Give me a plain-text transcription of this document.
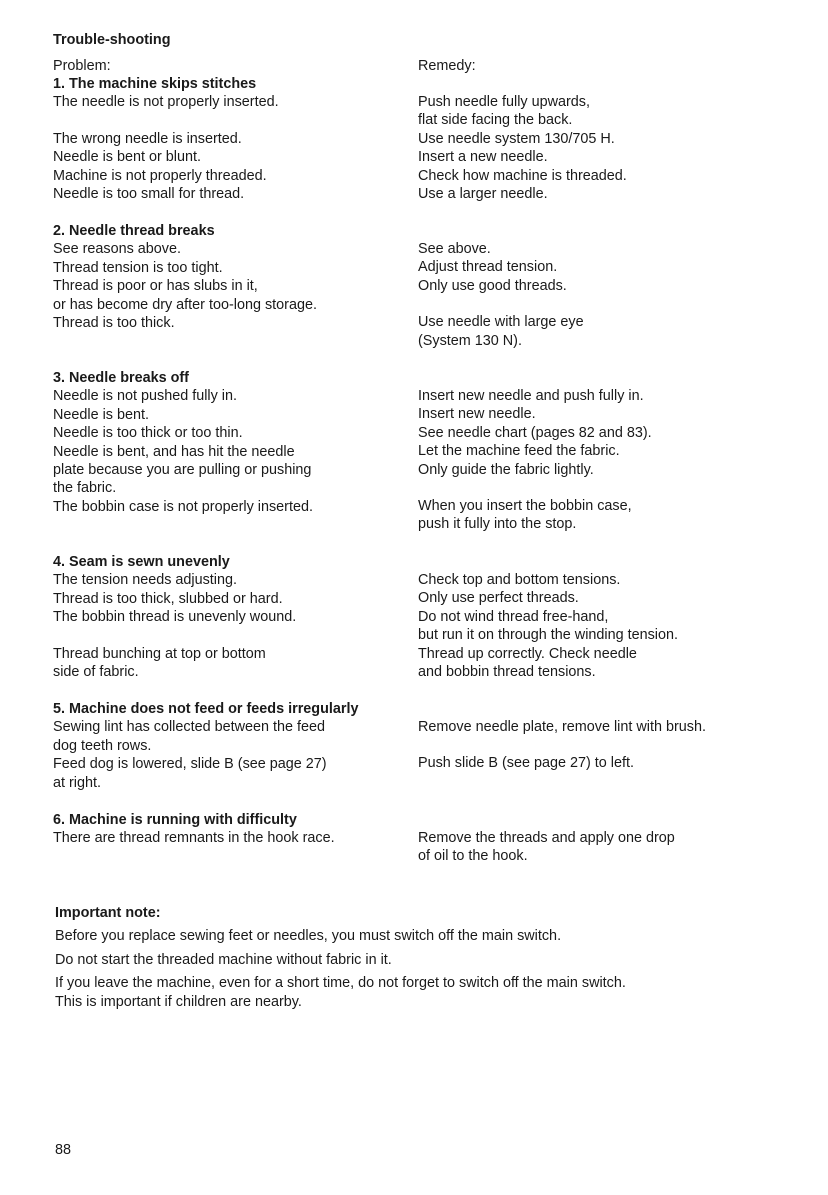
Trouble-shooting
Problem:	Remedy:
1. The machine skips stitches
The needle is not properly inserted.
The wrong needle is inserted.
Needle is bent or blunt.
Machine is not properly threaded.
Needle is too small for thread.
Push needle fully upwards,
flat side facing the back.
Use needle system 130/705 H.
Insert a new needle.
Check how machine is threaded.
Use a larger needle.
2. Needle thread breaks
See reasons above.
Thread tension is too tight.
Thread is poor or has slubs in it,
or has become dry after too-long storage.
Thread is too thick.
See above.
Adjust thread tension.
Only use good threads.
Use needle with large eye
(System 130 N).
3. Needle breaks off
Needle is not pushed fully in.
Needle is bent.
Needle is too thick or too thin.
Needle is bent, and has hit the needle
plate because you are pulling or pushing
the fabric.
The bobbin case is not properly inserted.
Insert new needle and push fully in.
Insert new needle.
See needle chart (pages 82 and 83).
Let the machine feed the fabric.
Only guide the fabric lightly.
When you insert the bobbin case,
push it fully into the stop.
4. Seam is sewn unevenly
The tension needs adjusting.
Thread is too thick, slubbed or hard.
The bobbin thread is unevenly wound.
Thread bunching at top or bottom
side of fabric.
Check top and bottom tensions.
Only use perfect threads.
Do not wind thread free-hand,
but run it on through the winding tension.
Thread up correctly. Check needle
and bobbin thread tensions.
5. Machine does not feed or feeds irregularly
Sewing lint has collected between the feed
dog teeth rows.
Feed dog is lowered, slide B (see page 27)
at right.
Remove needle plate, remove lint with brush.
Push slide B (see page 27) to left.
6. Machine is running with difficulty
There are thread remnants in the hook race.	Remove the threads and apply one drop
of oil to the hook.
Important note:
Before you replace sewing feet or needles, you must switch off the main switch.
Do not start the threaded machine without fabric in it.
If you leave the machine, even for a short time, do not forget to switch off the main switch.
This is important if children are nearby.
88
